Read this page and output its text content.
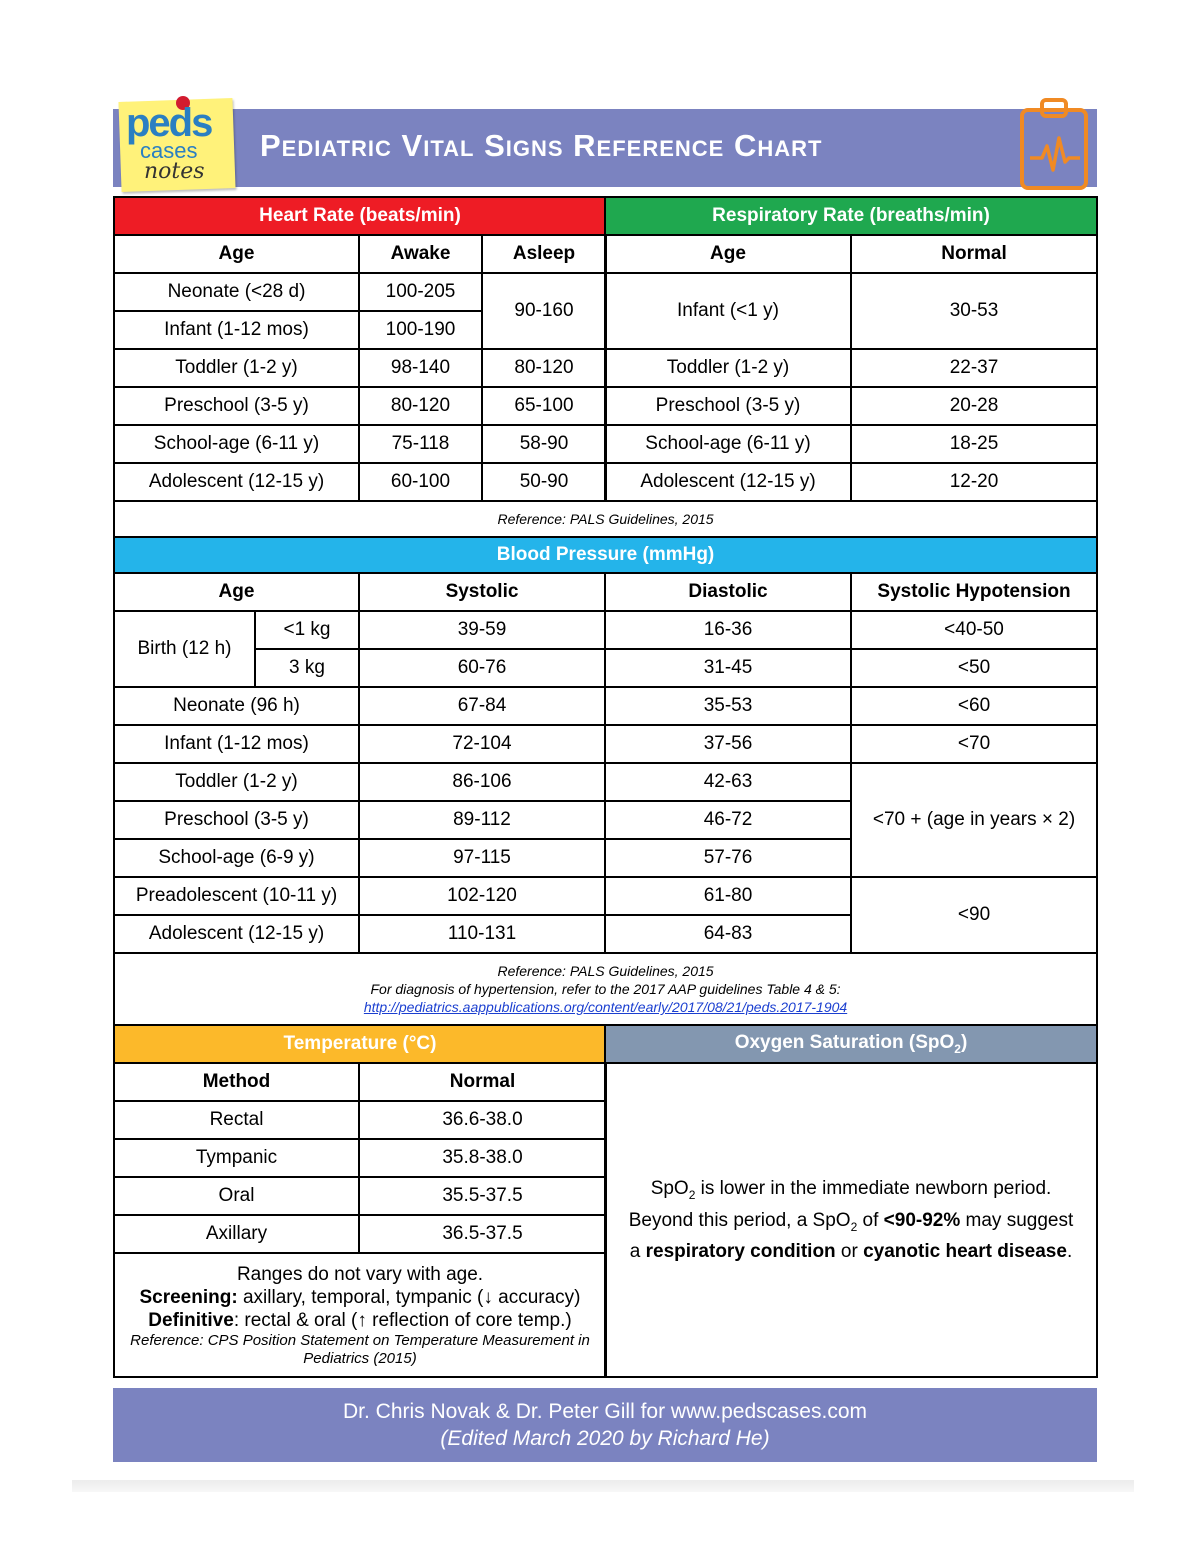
peds
cases
notes
Pediatric Vital Signs Reference Chart
Heart Rate (beats/min)		
Age	Awake	Asleep
Neonate (<28 d)	100-205	90-160
Infant (1-12 mos)	100-190	
Toddler (1-2 y)	98-140	80-120
Preschool (3-5 y)	80-120	65-100
School-age (6-11 y)	75-118	58-90
Adolescent (12-15 y)	60-100	50-90
Respiratory Rate (breaths/min)	
Age	Normal
Infant (<1 y)	30-53
Toddler (1-2 y)	22-37
Preschool (3-5 y)	20-28
School-age (6-11 y)	18-25
Adolescent (12-15 y)	12-20
Reference: PALS Guidelines, 2015				
Blood Pressure (mmHg)				
Age		Systolic	Diastolic	Systolic Hypotension
Birth (12 h)	<1 kg	39-59	16-36	<40-50
	3 kg	60-76	31-45	<50
Neonate (96 h)		67-84	35-53	<60
Infant (1-12 mos)		72-104	37-56	<70
Toddler (1-2 y)		86-106	42-63	<70 + (age in years × 2)
Preschool (3-5 y)		89-112	46-72	
School-age (6-9 y)		97-115	57-76	
Preadolescent (10-11 y)		102-120	61-80	<90
Adolescent (12-15 y)		110-131	64-83	

Reference: PALS Guidelines, 2015
For diagnosis of hypertension, refer to the 2017 AAP guidelines Table 4 & 5:
http://pediatrics.aappublications.org/content/early/2017/08/21/peds.2017-1904				
Temperature (°C)	
Method	Normal
Rectal	36.6-38.0
Tympanic	35.8-38.0
Oral	35.5-37.5
Axillary	36.5-37.5

Ranges do not vary with age.
Screening: axillary, temporal, tympanic (↓ accuracy)
Definitive: rectal & oral (↑ reflection of core temp.)
Reference: CPS Position Statement on Temperature Measurement in Pediatrics (2015)	
Oxygen Saturation (SpO$_2$)

SpO$_2$ is lower in the immediate newborn period.
Beyond this period, a SpO$_2$ of <90-92% may suggest
a respiratory condition or cyanotic heart disease.
Dr. Chris Novak & Dr. Peter Gill for www.pedscases.com
(Edited March 2020 by Richard He)
